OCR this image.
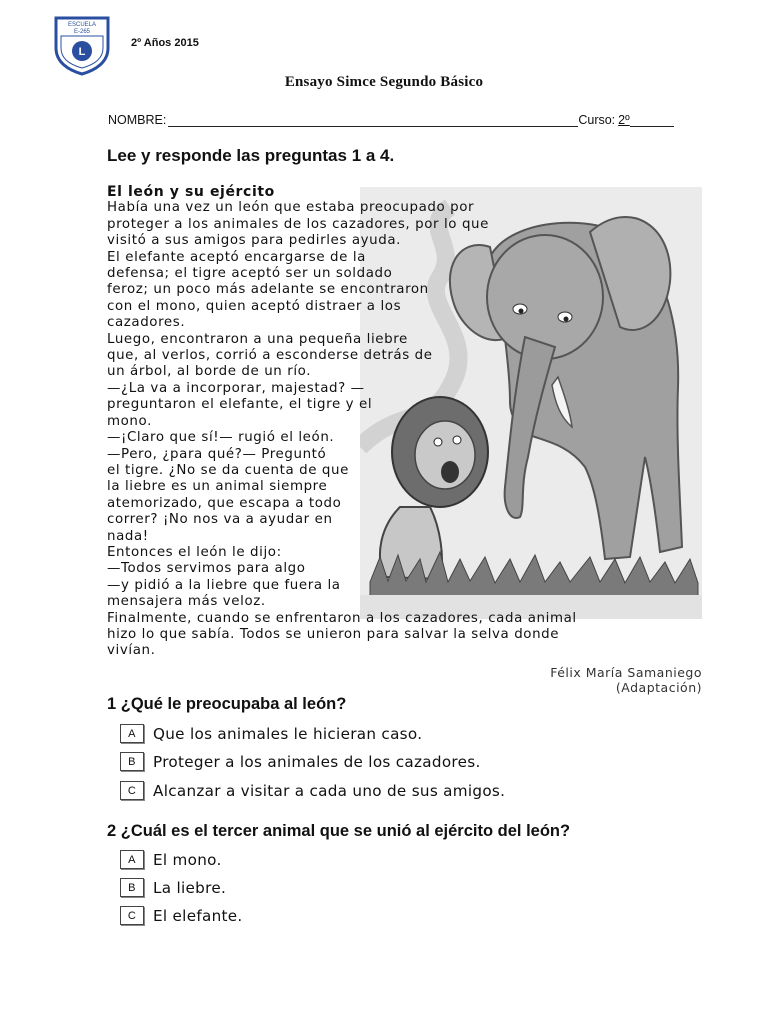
L
ESCUELA
E-265
2º Años 2015
Ensayo Simce Segundo Básico
NOMBRE:	Curso: 2º
Lee y responde las preguntas 1 a 4.
El león y su ejército
Había una vez un león que estaba preocupado por
proteger a los animales de los cazadores, por lo que
visitó a sus amigos para pedirles ayuda.
El elefante aceptó encargarse de la
defensa; el tigre aceptó ser un soldado
feroz; un poco más adelante se encontraron
con el mono, quien aceptó distraer a los
cazadores.
Luego, encontraron a una pequeña liebre
que, al verlos, corrió a esconderse detrás de
un árbol, al borde de un río.
—¿La va a incorporar, majestad? —
preguntaron el elefante, el tigre y el
mono.
—¡Claro que sí!— rugió el león.
—Pero, ¿para qué?— Preguntó
el tigre. ¿No se da cuenta de que
la liebre es un animal siempre
atemorizado, que escapa a todo
correr? ¡No nos va a ayudar en
nada!
Entonces el león le dijo:
—Todos servimos para algo
—y pidió a la liebre que fuera la
mensajera más veloz.
Finalmente, cuando se enfrentaron a los cazadores, cada animal
hizo lo que sabía. Todos se unieron para salvar la selva donde
vivían.
Félix María Samaniego
(Adaptación)
1 ¿Qué le preocupaba al león?
A	Que los animales le hicieran caso.
B	Proteger a los animales de los cazadores.
C	Alcanzar a visitar a cada uno de sus amigos.
2 ¿Cuál es el tercer animal que se unió al ejército del león?
A	El mono.
B	La liebre.
C	El elefante.
